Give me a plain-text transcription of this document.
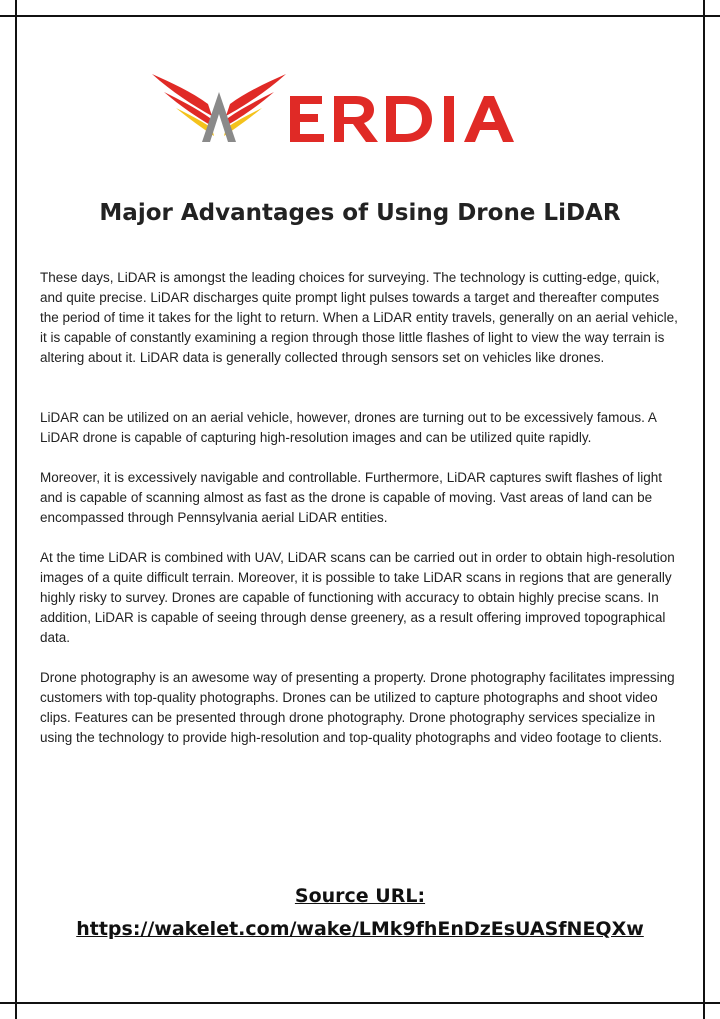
Major Advantages of Using Drone LiDAR

These days, LiDAR is amongst the leading choices for surveying. The technology is cutting-edge, quick, and quite precise. LiDAR discharges quite prompt light pulses towards a target and thereafter computes the period of time it takes for the light to return. When a LiDAR entity travels, generally on an aerial vehicle, it is capable of constantly examining a region through those little flashes of light to view the way terrain is altering about it. LiDAR data is generally collected through sensors set on vehicles like drones.

LiDAR can be utilized on an aerial vehicle, however, drones are turning out to be excessively famous. A LiDAR drone is capable of capturing high-resolution images and can be utilized quite rapidly.

Moreover, it is excessively navigable and controllable. Furthermore, LiDAR captures swift flashes of light and is capable of scanning almost as fast as the drone is capable of moving. Vast areas of land can be encompassed through Pennsylvania aerial LiDAR entities.

At the time LiDAR is combined with UAV, LiDAR scans can be carried out in order to obtain high-resolution images of a quite difficult terrain. Moreover, it is possible to take LiDAR scans in regions that are generally highly risky to survey. Drones are capable of functioning with accuracy to obtain highly precise scans. In addition, LiDAR is capable of seeing through dense greenery, as a result offering improved topographical data.

Drone photography is an awesome way of presenting a property. Drone photography facilitates impressing customers with top-quality photographs. Drones can be utilized to capture photographs and shoot video clips. Features can be presented through drone photography. Drone photography services specialize in using the technology to provide high-resolution and top-quality photographs and video footage to clients.

Source URL:
https://wakelet.com/wake/LMk9fhEnDzEsUASfNEQXw
